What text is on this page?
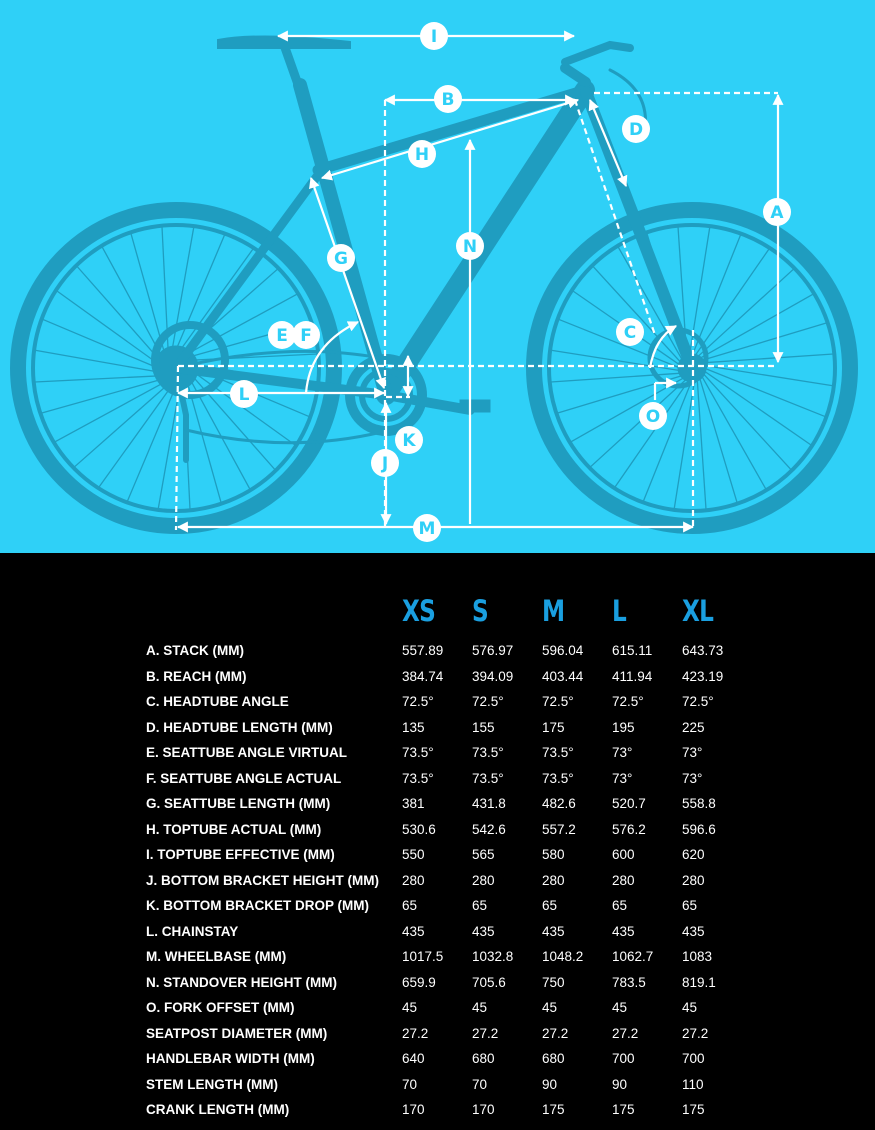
I
B
D
H
A
N
G
E F	C
L
O
K
J
M
XS S M L XL
A. STACK (MM)	557.89 576.97 596.04 615.11 643.73
B. REACH (MM)	384.74 394.09 403.44 411.94 423.19
C. HEADTUBE ANGLE	72.5°	72.5°	72.5°	72.5°	72.5°
D. HEADTUBE LENGTH (MM)	135	155	175	195	225
E. SEATTUBE ANGLE VIRTUAL	73.5°	73.5°	73.5°	73°	73°
F. SEATTUBE ANGLE ACTUAL	73.5°	73.5°	73.5°	73°	73°
G. SEATTUBE LENGTH (MM)	381	431.8	482.6	520.7	558.8
H. TOPTUBE ACTUAL (MM)	530.6	542.6	557.2	576.2	596.6
I. TOPTUBE EFFECTIVE (MM)	550	565	580	600	620
J. BOTTOM BRACKET HEIGHT (MM) 280	280	280	280	280
K. BOTTOM BRACKET DROP (MM) 65	65	65	65	65
L. CHAINSTAY	435	435	435	435	435
M. WHEELBASE (MM)	1017.5 1032.8 1048.2 1062.7 1083
N. STANDOVER HEIGHT (MM)	659.9	705.6	750	783.5	819.1
O. FORK OFFSET (MM)	45	45	45	45	45
SEATPOST DIAMETER (MM)	27.2	27.2	27.2	27.2	27.2
HANDLEBAR WIDTH (MM)	640	680	680	700	700
STEM LENGTH (MM)	70	70	90	90	110
CRANK LENGTH (MM)	170	170	175	175	175
